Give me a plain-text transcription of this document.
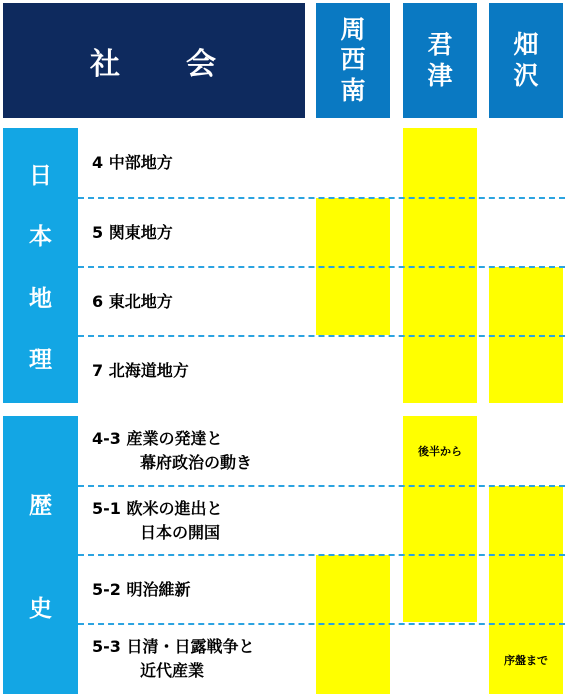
社　　会
周
西
南
君
津
畑
沢
日
本
地
理
歴
史
後半から
序盤まで
4 中部地方
5 関東地方
6 東北地方
7 北海道地方
4-3 産業の発達と
幕府政治の動き
5-1 欧米の進出と
日本の開国
5-2 明治維新
5-3 日清・日露戦争と
近代産業
